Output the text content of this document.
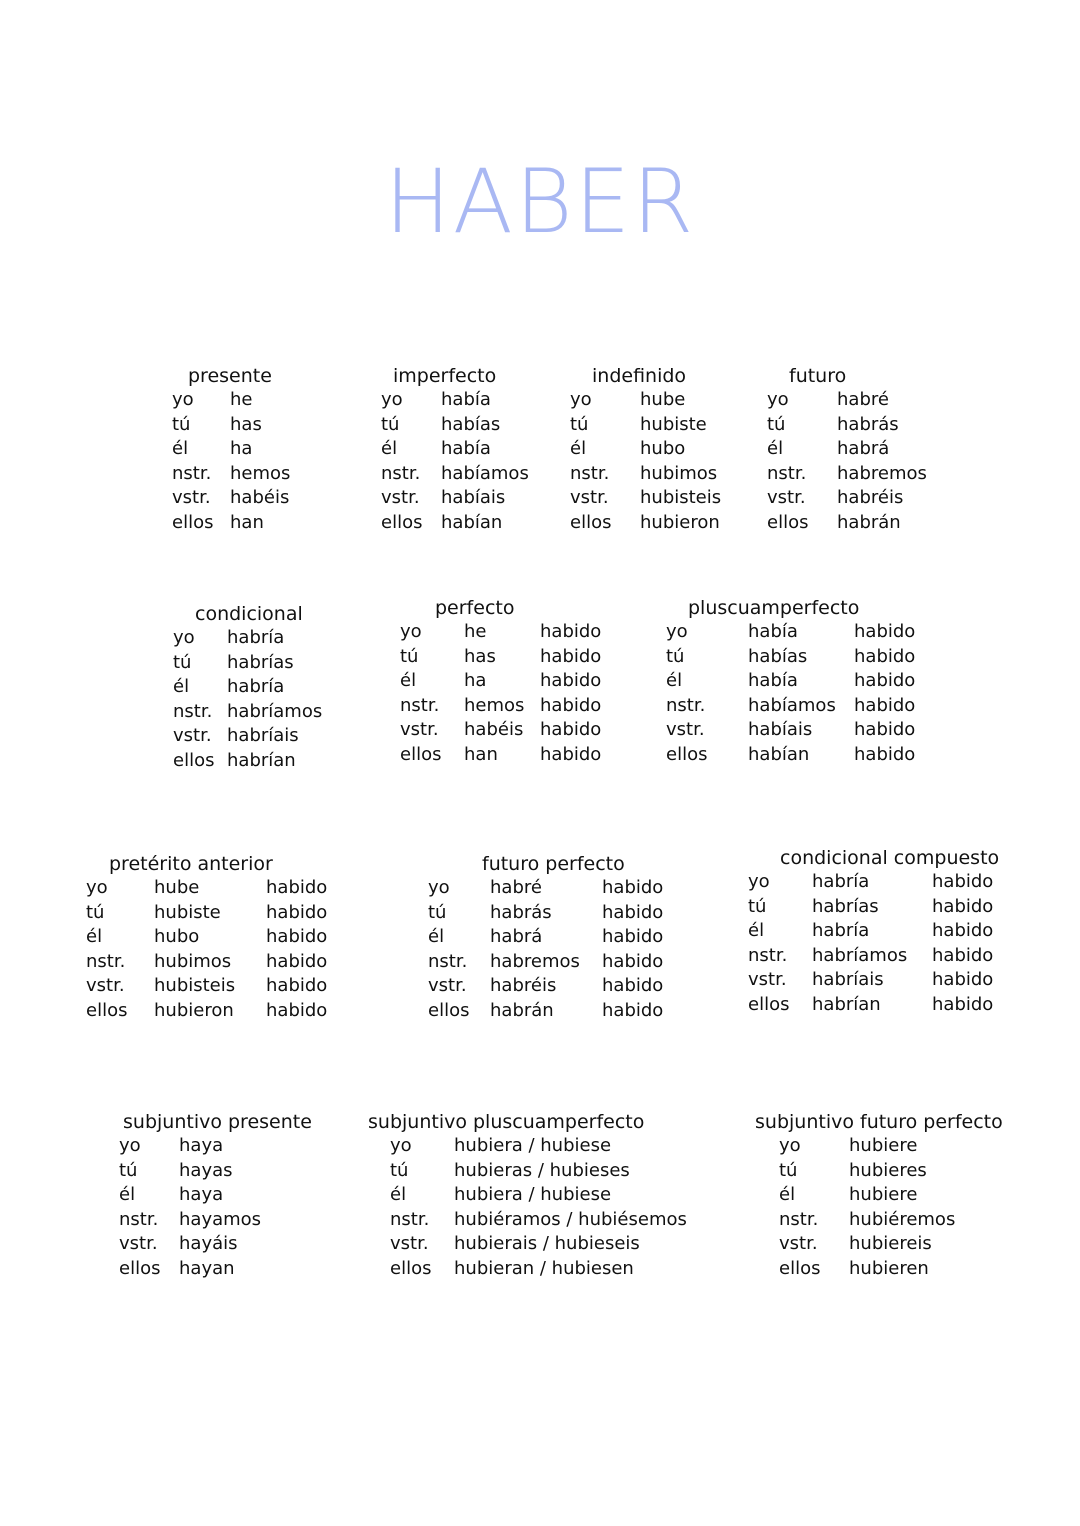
HABER
presente
yo he
tú has
él ha
nstr. hemos
vstr. habéis
ellos han
imperfecto
yo había
tú habías
él había
nstr. habíamos
vstr. habíais
ellos habían
indefinido
yo	hube
tú	hubiste
él	hubo
nstr. hubimos
vstr. hubisteis
ellos hubieron
futuro
yo	habré
tú	habrás
él	habrá
nstr. habremos
vstr. habréis
ellos habrán
condicional
yo habría
tú habrías
él habría
nstr. habríamos
vstr. habríais
ellos habrían
perfecto
yo he	habido
tú	has habido
él	ha	habido
nstr. hemos habido
vstr. habéis habido
ellos han habido
pluscuamperfecto
yo	había	habido
tú	habías	habido
él	había	habido
nstr. habíamos habido
vstr. habíais habido
ellos habían habido
pretérito anterior
yo	hube	habido
tú	hubiste	habido
él	hubo	habido
nstr. hubimos habido
vstr. hubisteis habido
ellos hubieron habido
futuro perfecto
yo habré	habido
tú habrás	habido
él	habrá	habido
nstr. habremos habido
vstr. habréis	habido
ellos habrán	habido
condicional compuesto
yo habría	habido
tú	habrías	habido
él	habría	habido
nstr. habríamos habido
vstr. habríais	habido
ellos habrían	habido
subjuntivo presente
yo haya
tú hayas
él haya
nstr. hayamos
vstr. hayáis
ellos hayan
subjuntivo pluscuamperfecto
yo hubiera / hubiese
tú	hubieras / hubieses
él	hubiera / hubiese
nstr. hubiéramos / hubiésemos
vstr. hubierais / hubieseis
ellos hubieran / hubiesen
subjuntivo futuro perfecto
yo	hubiere
tú	hubieres
él	hubiere
nstr. hubiéremos
vstr. hubiereis
ellos hubieren
